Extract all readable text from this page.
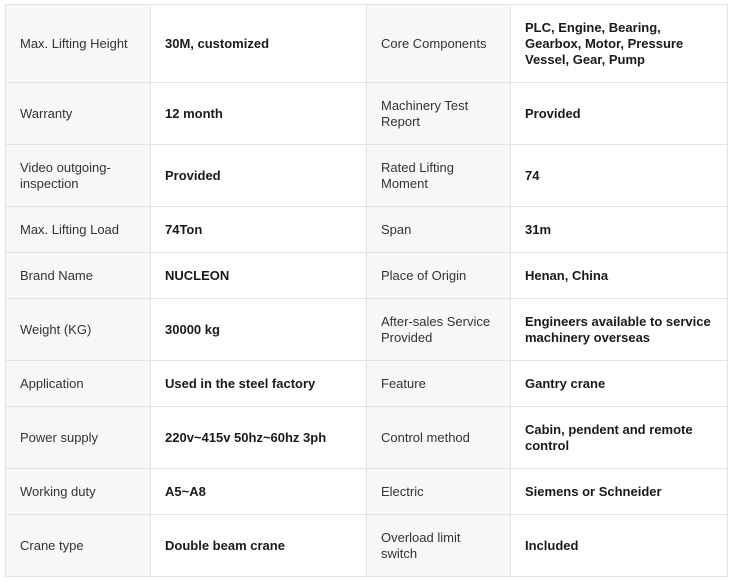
Max. Lifting Height	30M, customized	Core Components	PLC, Engine, Bearing, Gearbox, Motor, Pressure Vessel, Gear, Pump
Warranty	12 month	Machinery Test Report	Provided
Video outgoing-inspection	Provided	Rated Lifting Moment	74
Max. Lifting Load	74Ton	Span	31m
Brand Name	NUCLEON	Place of Origin	Henan, China
Weight (KG)	30000 kg	After-sales Service Provided	Engineers available to service machinery overseas
Application	Used in the steel factory	Feature	Gantry crane
Power supply	220v~415v 50hz~60hz 3ph	Control method	Cabin, pendent and remote control
Working duty	A5~A8	Electric	Siemens or Schneider
Crane type	Double beam crane	Overload limit switch	Included
